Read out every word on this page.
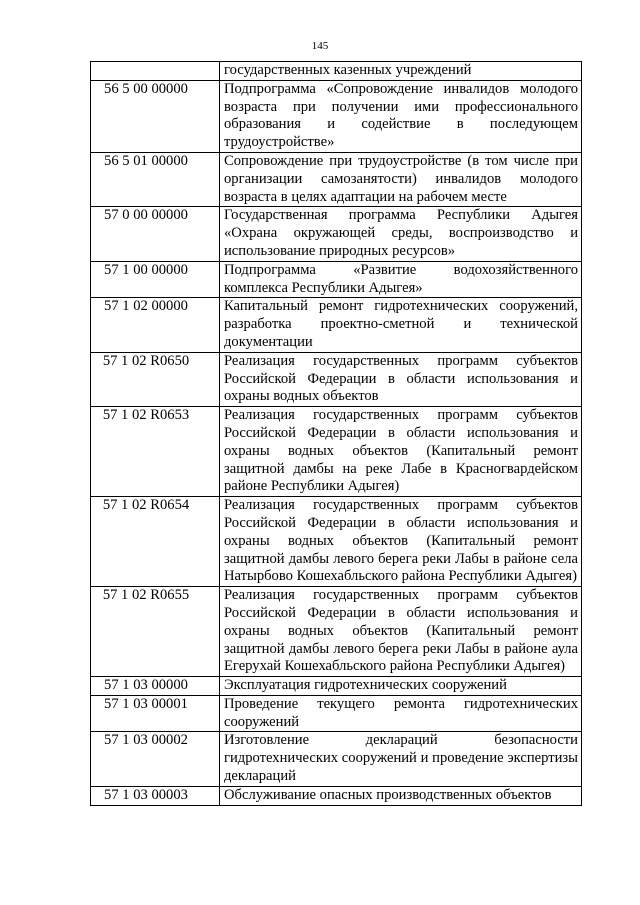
145
	государственных казенных учреждений
56 5 00 00000	Подпрограмма «Сопровождение инвалидов молодого возраста при получении ими профессионального образования и содействие в последующем трудоустройстве»
56 5 01 00000	Сопровождение при трудоустройстве (в том числе при организации самозанятости) инвалидов молодого возраста в целях адаптации на рабочем месте
57 0 00 00000	Государственная программа Республики Адыгея «Охрана окружающей среды, воспроизводство и использование природных ресурсов»
57 1 00 00000	Подпрограмма «Развитие водохозяйственного комплекса Республики Адыгея»
57 1 02 00000	Капитальный ремонт гидротехнических сооружений, разработка проектно-сметной и технической документации
57 1 02 R0650	Реализация государственных программ субъектов Российской Федерации в области использования и охраны водных объектов
57 1 02 R0653	Реализация государственных программ субъектов Российской Федерации в области использования и охраны водных объектов (Капитальный ремонт защитной дамбы на реке Лабе в Красногвардейском районе Республики Адыгея)
57 1 02 R0654	Реализация государственных программ субъектов Российской Федерации в области использования и охраны водных объектов (Капитальный ремонт защитной дамбы левого берега реки Лабы в районе села Натырбово Кошехабльского района Республики Адыгея)
57 1 02 R0655	Реализация государственных программ субъектов Российской Федерации в области использования и охраны водных объектов (Капитальный ремонт защитной дамбы левого берега реки Лабы в районе аула Егерухай Кошехабльского района Республики Адыгея)
57 1 03 00000	Эксплуатация гидротехнических сооружений
57 1 03 00001	Проведение текущего ремонта гидротехнических сооружений
57 1 03 00002	Изготовление деклараций безопасности гидротехнических сооружений и проведение экспертизы деклараций
57 1 03 00003	Обслуживание опасных производственных объектов
